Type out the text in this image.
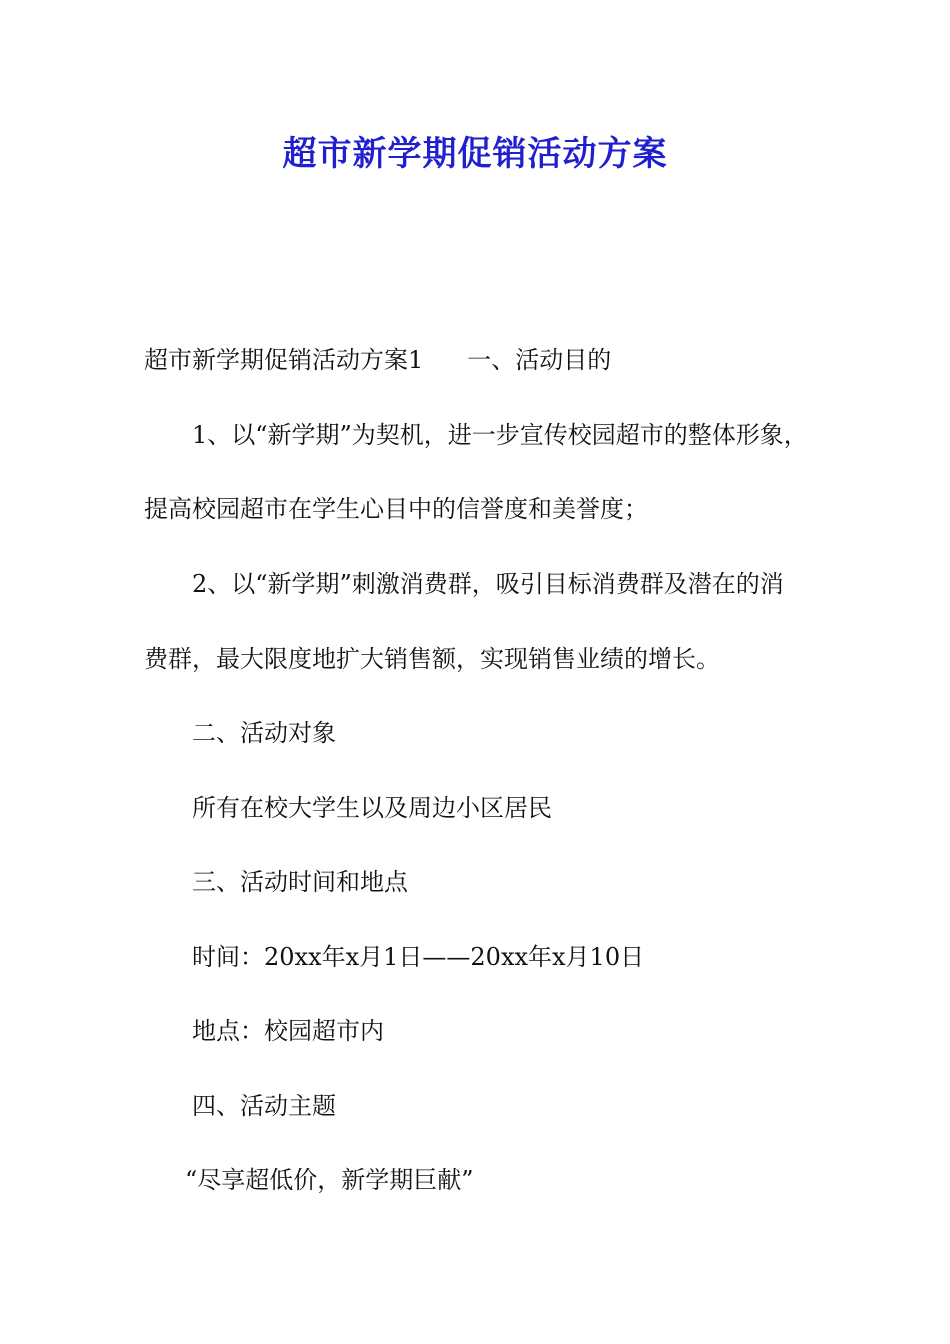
超市新学期促销活动方案
超市新学期促销活动方案1 一、活动目的
1、以“新学期”为契机，进一步宣传校园超市的整体形象，
提高校园超市在学生心目中的信誉度和美誉度；
2、以“新学期”刺激消费群，吸引目标消费群及潜在的消
费群，最大限度地扩大销售额，实现销售业绩的增长。
二、活动对象
所有在校大学生以及周边小区居民
三、活动时间和地点
时间：20xx年x月1日——20xx年x月10日
地点：校园超市内
四、活动主题
“尽享超低价，新学期巨献”
